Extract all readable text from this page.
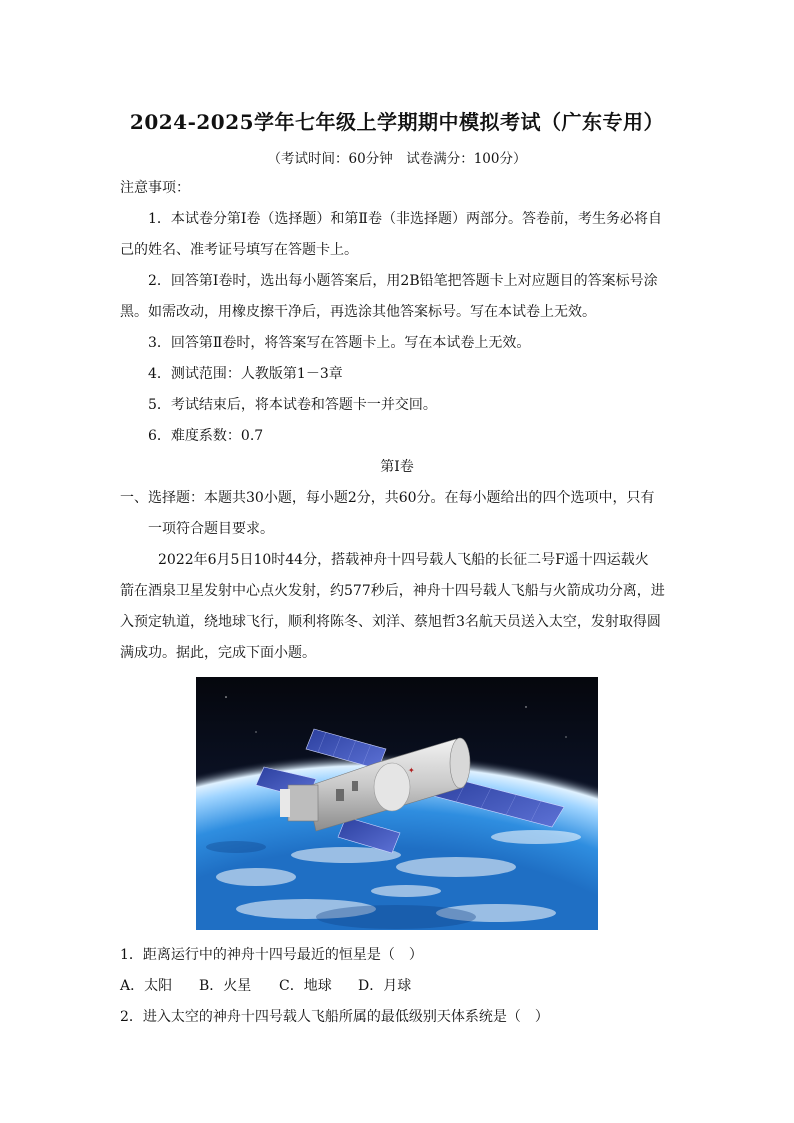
2024-2025学年七年级上学期期中模拟考试（广东专用）
（考试时间：60分钟　试卷满分：100分）
注意事项：
1．本试卷分第Ⅰ卷（选择题）和第Ⅱ卷（非选择题）两部分。答卷前，考生务必将自
己的姓名、准考证号填写在答题卡上。
2．回答第Ⅰ卷时，选出每小题答案后，用2B铅笔把答题卡上对应题目的答案标号涂
黑。如需改动，用橡皮擦干净后，再选涂其他答案标号。写在本试卷上无效。
3．回答第Ⅱ卷时，将答案写在答题卡上。写在本试卷上无效。
4．测试范围：人教版第1－3章
5．考试结束后，将本试卷和答题卡一并交回。
6．难度系数：0.7
第Ⅰ卷
一、选择题：本题共30小题，每小题2分，共60分。在每小题给出的四个选项中，只有
一项符合题目要求。
2022年6月5日10时44分，搭载神舟十四号载人飞船的长征二号F遥十四运载火
箭在酒泉卫星发射中心点火发射，约577秒后，神舟十四号载人飞船与火箭成功分离，进
入预定轨道，绕地球飞行，顺利将陈冬、刘洋、蔡旭哲3名航天员送入太空，发射取得圆
满成功。据此，完成下面小题。
✦
1．距离运行中的神舟十四号最近的恒星是（　）
A．太阳 B．火星 C．地球 D．月球
2．进入太空的神舟十四号载人飞船所属的最低级别天体系统是（　）
